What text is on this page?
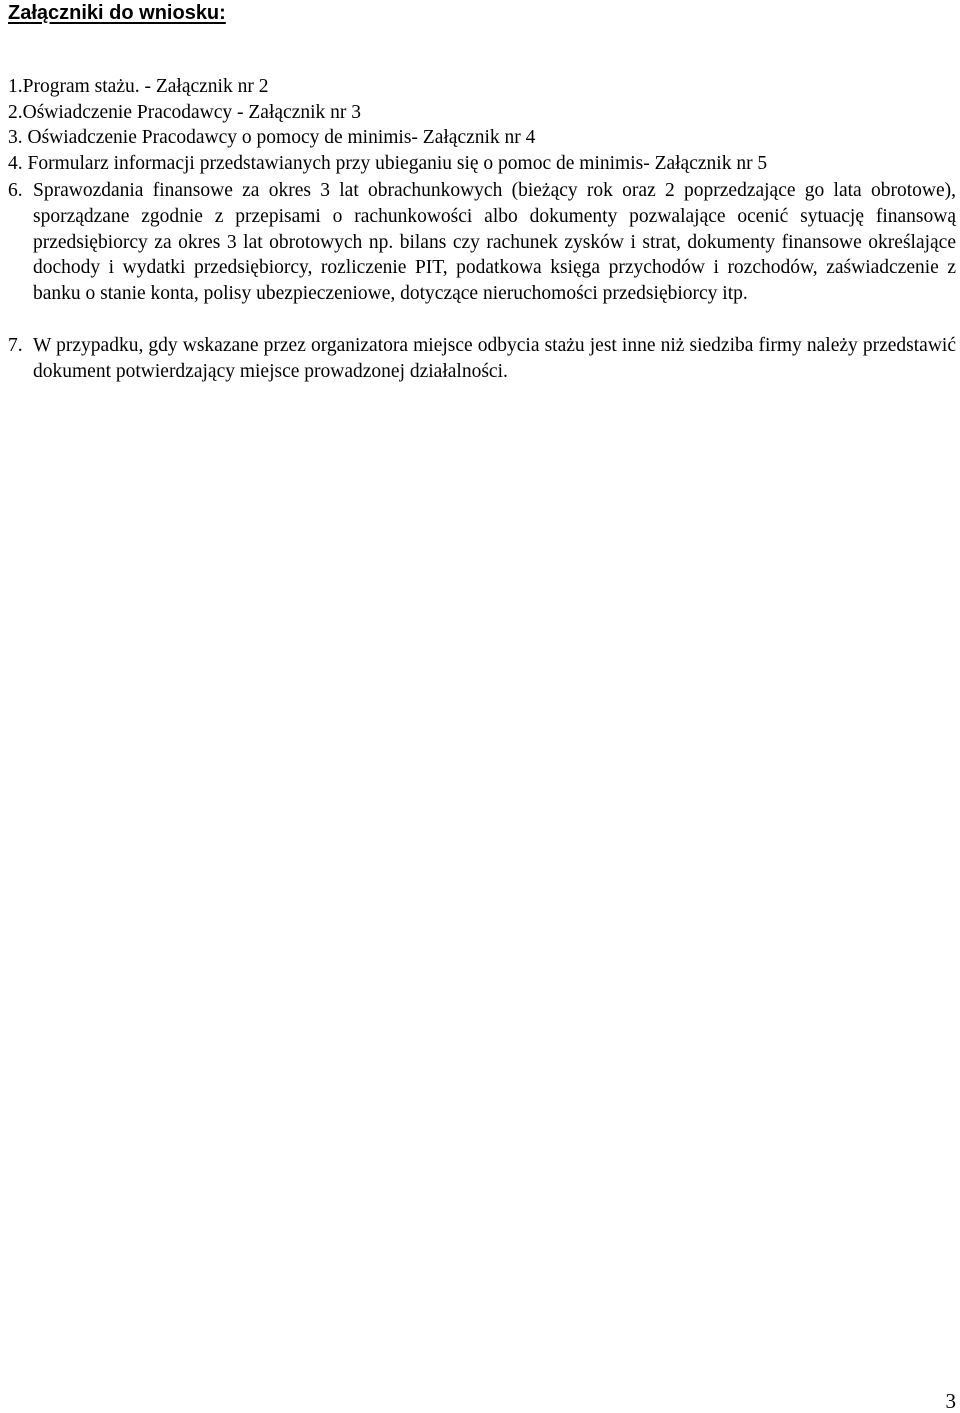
Załączniki do wniosku:
1.Program stażu. - Załącznik nr 2
2.Oświadczenie Pracodawcy - Załącznik nr 3
3. Oświadczenie Pracodawcy o pomocy de minimis- Załącznik nr 4
4. Formularz informacji przedstawianych przy ubieganiu się o pomoc de minimis- Załącznik nr 5
6. Sprawozdania finansowe za okres 3 lat obrachunkowych (bieżący rok oraz 2 poprzedzające go lata obrotowe), sporządzane zgodnie z przepisami o rachunkowości albo dokumenty pozwalające ocenić sytuację finansową przedsiębiorcy za okres 3 lat obrotowych np. bilans czy rachunek zysków i strat, dokumenty finansowe określające dochody i wydatki przedsiębiorcy, rozliczenie PIT, podatkowa księga przychodów i rozchodów, zaświadczenie z banku o stanie konta, polisy ubezpieczeniowe, dotyczące nieruchomości przedsiębiorcy itp.
7. W przypadku, gdy wskazane przez organizatora miejsce odbycia stażu jest inne niż siedziba firmy należy przedstawić dokument potwierdzający miejsce prowadzonej działalności.
3
